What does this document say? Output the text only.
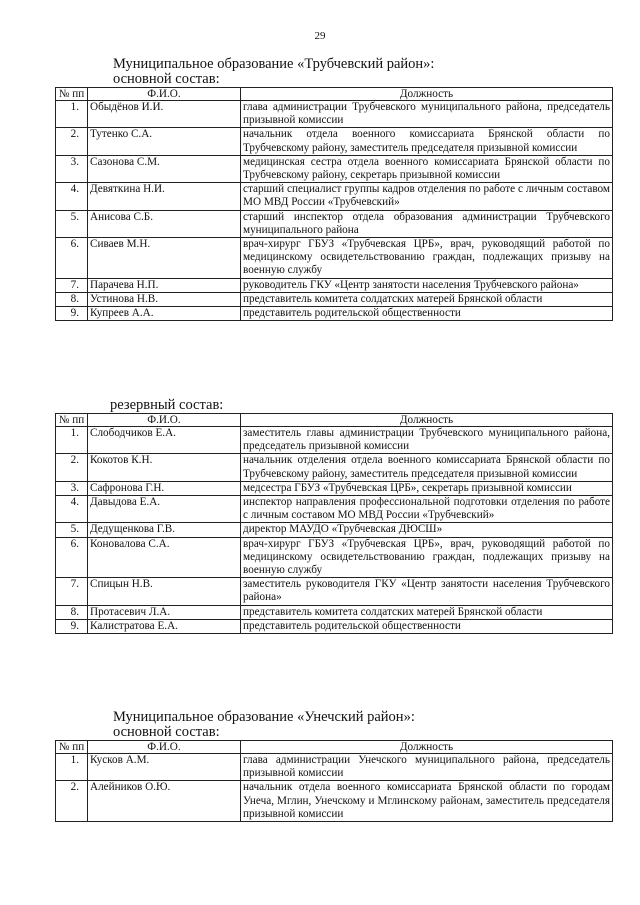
29

Муниципальное образование «Трубчевский район»:

основной состав:

№ пп	Ф.И.О.	Должность
1.	Обыдёнов И.И.	глава администрации Трубчевского муниципального района, председатель призывной комиссии
2.	Тутенко С.А.	начальник отдела военного комиссариата Брянской области по Трубчевскому району, заместитель председателя призывной комиссии
3.	Сазонова С.М.	медицинская сестра отдела военного комиссариата Брянской области по Трубчевскому району, секретарь призывной комиссии
4.	Девяткина Н.И.	старший специалист группы кадров отделения по работе с личным составом МО МВД России «Трубчевский»
5.	Анисова С.Б.	старший инспектор отдела образования администрации Трубчевского муниципального района
6.	Сиваев М.Н.	врач-хирург ГБУЗ «Трубчевская ЦРБ», врач, руководящий работой по медицинскому освидетельствованию граждан, подлежащих призыву на военную службу
7.	Парачева Н.П.	руководитель ГКУ «Центр занятости населения Трубчевского района»
8.	Устинова Н.В.	представитель комитета солдатских матерей Брянской области
9.	Купреев А.А.	представитель родительской общественности

резервный состав:

№ пп	Ф.И.О.	Должность
1.	Слободчиков Е.А.	заместитель главы администрации Трубчевского муниципального района, председатель призывной комиссии
2.	Кокотов К.Н.	начальник отделения отдела военного комиссариата Брянской области по Трубчевскому району, заместитель председателя призывной комиссии
3.	Сафронова Г.Н.	медсестра ГБУЗ «Трубчевская ЦРБ», секретарь призывной комиссии
4.	Давыдова Е.А.	инспектор направления профессиональной подготовки отделения по работе с личным составом МО МВД России «Трубчевский»
5.	Дедущенкова Г.В.	директор МАУДО «Трубчевская ДЮСШ»
6.	Коновалова С.А.	врач-хирург ГБУЗ «Трубчевская ЦРБ», врач, руководящий работой по медицинскому освидетельствованию граждан, подлежащих призыву на военную службу
7.	Спицын Н.В.	заместитель руководителя ГКУ «Центр занятости населения Трубчевского района»
8.	Протасевич Л.А.	представитель комитета солдатских матерей Брянской области
9.	Калистратова Е.А.	представитель родительской общественности

Муниципальное образование «Унечский район»:

основной состав:

№ пп	Ф.И.О.	Должность
1.	Кусков А.М.	глава администрации Унечского муниципального района, председатель призывной комиссии
2.	Алейников О.Ю.	начальник отдела военного комиссариата Брянской области по городам Унеча, Мглин, Унечскому и Мглинскому районам, заместитель председателя призывной комиссии
